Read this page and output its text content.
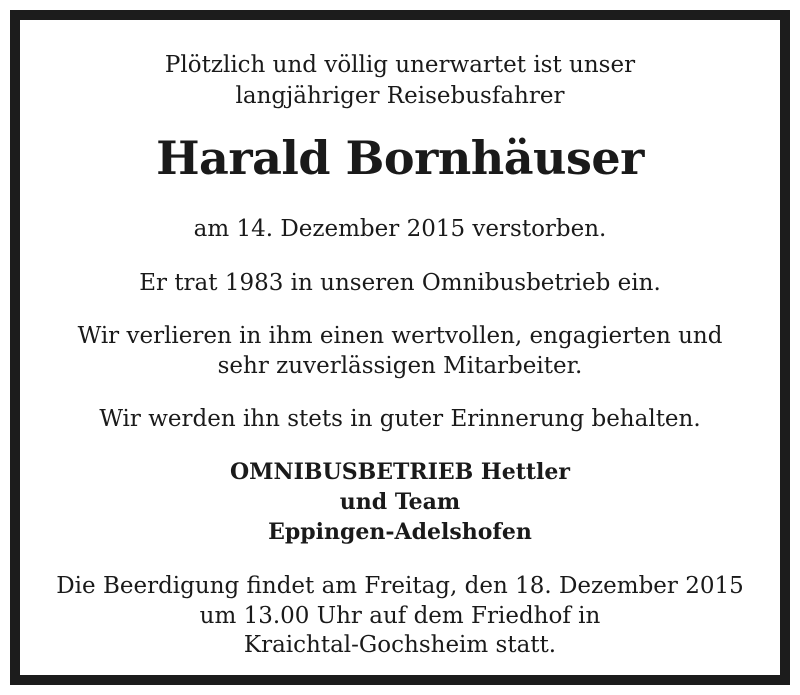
Plötzlich und völlig unerwartet ist unser
langjähriger Reisebusfahrer
Harald Bornhäuser
am 14. Dezember 2015 verstorben.
Er trat 1983 in unseren Omnibusbetrieb ein.
Wir verlieren in ihm einen wertvollen, engagierten und
sehr zuverlässigen Mitarbeiter.
Wir werden ihn stets in guter Erinnerung behalten.
OMNIBUSBETRIEB Hettler
und Team
Eppingen-Adelshofen
Die Beerdigung findet am Freitag, den 18. Dezember 2015
um 13.00 Uhr auf dem Friedhof in
Kraichtal-Gochsheim statt.
